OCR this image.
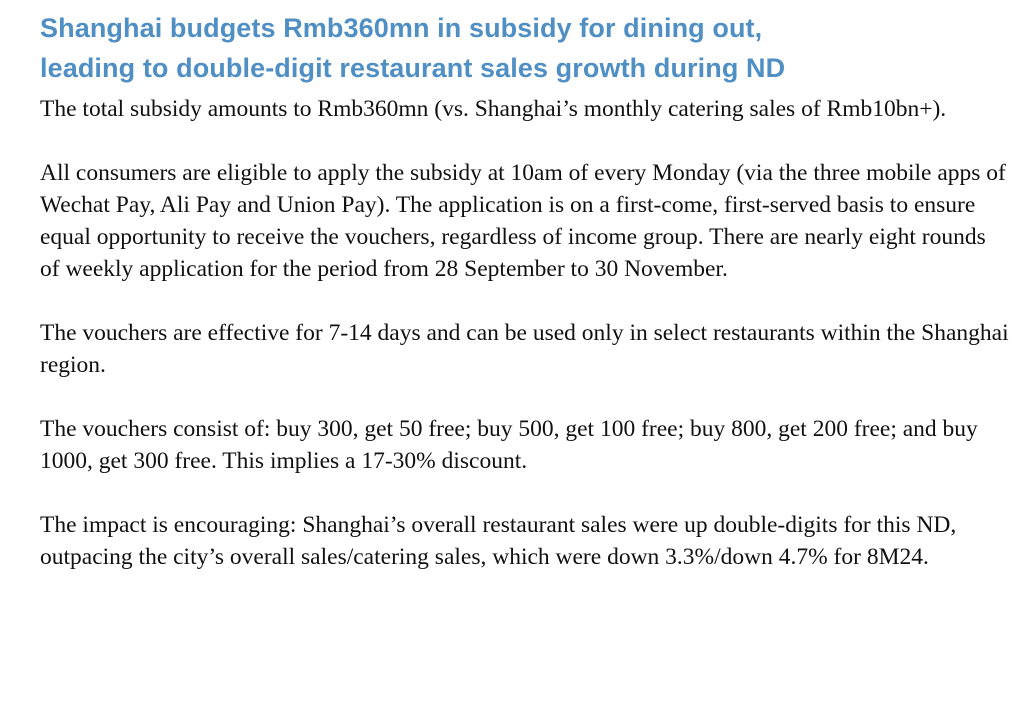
Shanghai budgets Rmb360mn in subsidy for dining out,
leading to double-digit restaurant sales growth during ND

The total subsidy amounts to Rmb360mn (vs. Shanghai’s monthly catering sales of Rmb10bn+).

All consumers are eligible to apply the subsidy at 10am of every Monday (via the three mobile apps of Wechat Pay, Ali Pay and Union Pay). The application is on a first-come, first-served basis to ensure equal opportunity to receive the vouchers, regardless of income group. There are nearly eight rounds of weekly application for the period from 28 September to 30 November.

The vouchers are effective for 7-14 days and can be used only in select restaurants within the Shanghai region.

The vouchers consist of: buy 300, get 50 free; buy 500, get 100 free; buy 800, get 200 free; and buy 1000, get 300 free. This implies a 17-30% discount.

The impact is encouraging: Shanghai’s overall restaurant sales were up double-digits for this ND, outpacing the city’s overall sales/catering sales, which were down 3.3%/down 4.7% for 8M24.
